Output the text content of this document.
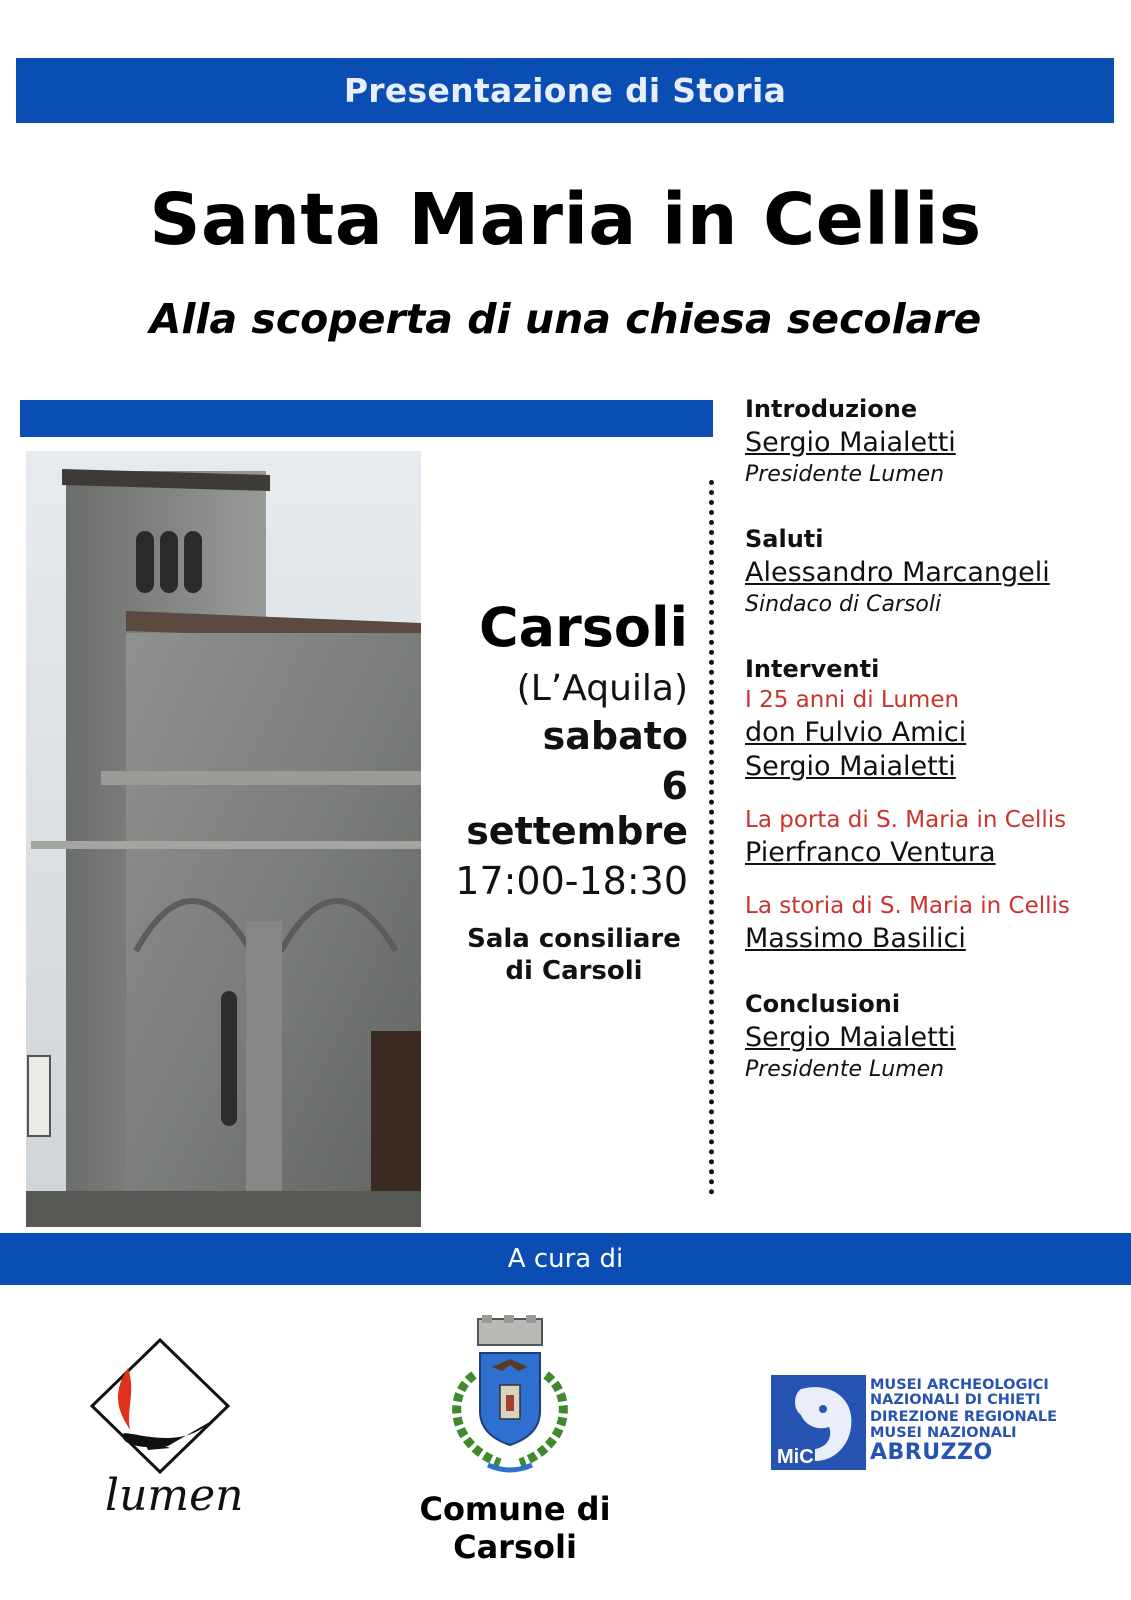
Presentazione di Storia
Santa Maria in Cellis
Alla scoperta di una chiesa secolare
Carsoli
(L’Aquila)
sabato
6 settembre
17:00-18:30
Sala consiliare
di Carsoli
Introduzione
Sergio Maialetti
Presidente Lumen
Saluti
Alessandro Marcangeli
Sindaco di Carsoli
Interventi
I 25 anni di Lumen
don Fulvio Amici
Sergio Maialetti
La porta di S. Maria in Cellis
Pierfranco Ventura
La storia di S. Maria in Cellis
Massimo Basilici
Conclusioni
Sergio Maialetti
Presidente Lumen
A cura di
lumen	Comune di Carsoli
MiC
MUSEI ARCHEOLOGICI
NAZIONALI DI CHIETI
DIREZIONE REGIONALE
MUSEI NAZIONALI
ABRUZZO
